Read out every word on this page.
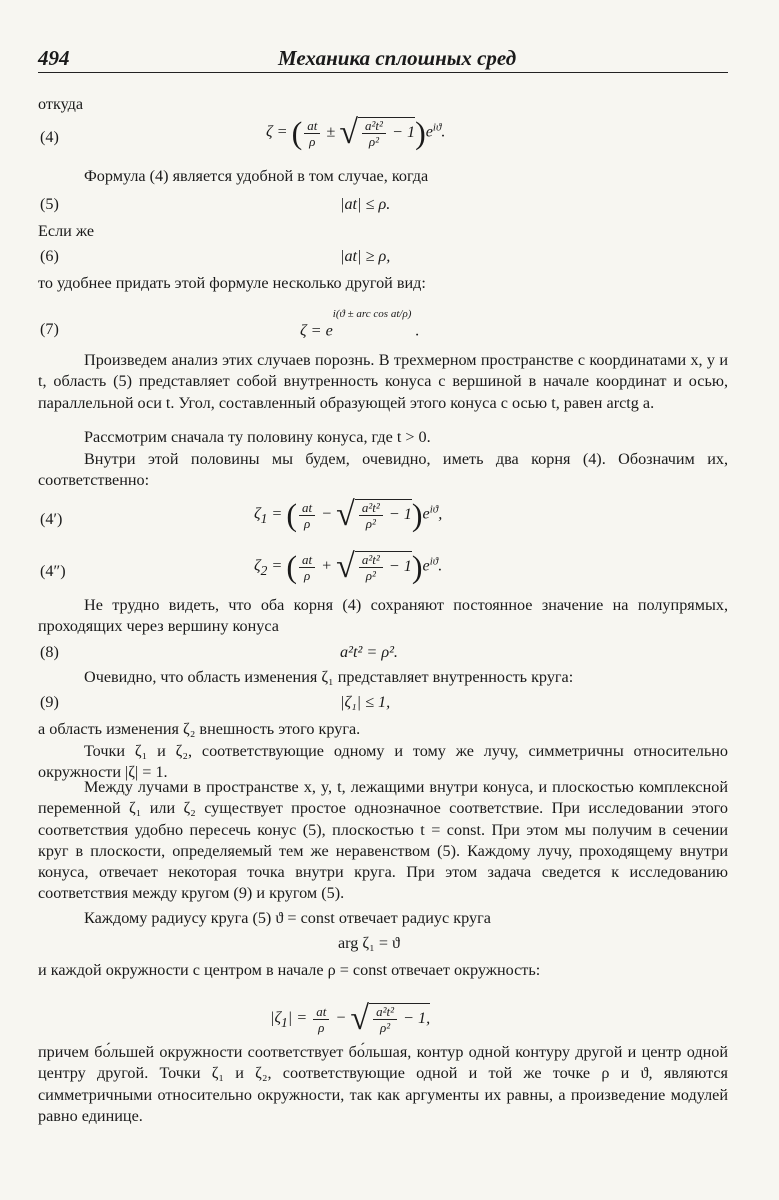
494	Механика сплошных сред
откуда
(4)	ζ = ( $\frac{at}{\rho}$ ± √ $\frac{\text{a²t²}}{\text{ρ²}} - 1)e^{iϑ}$.

Формула (4) является удобной в том случае, когда

(5)	|at| ≤ ρ.
Если же
(6)	|at| ≥ ρ,

то удобнее придать этой формуле несколько другой вид:

(7)	$\zeta = e^{i(ϑ \pm arc cos at/\rho)}$ .

Произведем анализ этих случаев порознь. В трехмерном пространстве с координатами x, y и t, область (5) представляет собой внутренность конуса с вершиной в начале координат и осью, параллельной оси t. Угол, составленный образующей этого конуса с осью t, равен arctg a.

Рассмотрим сначала ту половину конуса, где t > 0.

Внутри этой половины мы будем, очевидно, иметь два корня (4). Обозначим их, соответственно:

(4′)	$\zeta_1$ = ( $\frac{at}{\rho}$ − √ $\frac{\text{a²t²}}{\text{ρ²}} - 1)e^{iϑ}$,
(4″)	$\zeta_2$ = ( $\frac{at}{\rho}$ + √ $\frac{\text{a²t²}}{\text{ρ²}} - 1)e^{iϑ}$.

Не трудно видеть, что оба корня (4) сохраняют постоянное значение на полупрямых, проходящих через вершину конуса

(8)	a²t² = ρ².

Очевидно, что область изменения ζ₁ представляет внутренность круга:

(9)	|ζ₁| ≤ 1,

а область изменения ζ₂ внешность этого круга.

Точки ζ₁ и ζ₂, соответствующие одному и тому же лучу, симметричны относительно окружности |ζ| = 1.

Между лучами в пространстве x, y, t, лежащими внутри конуса, и плоскостью комплексной переменной ζ₁ или ζ₂ существует простое однозначное соответствие. При исследовании этого соответствия удобно пересечь конус (5), плоскостью t = const. При этом мы получим в сечении круг в плоскости, определяемый тем же неравенством (5). Каждому лучу, проходящему внутри конуса, отвечает некоторая точка внутри круга. При этом задача сведется к исследованию соответствия между кругом (9) и кругом (5).

Каждому радиусу круга (5) ϑ = const отвечает радиус круга

arg ζ₁ = ϑ

и каждой окружности с центром в начале ρ = const отвечает окружность:

$|\zeta_1| = \frac{at}{\rho}$ − √ $\frac{\text{a²t²}}{\text{ρ²}} - 1$,

причем бо́льшей окружности соответствует бо́льшая, контур одной контуру другой и центр одной центру другой. Точки ζ₁ и ζ₂, соответствующие одной и той же точке ρ и ϑ, являются симметричными относительно окружности, так как аргументы их равны, а произведение модулей равно единице.
